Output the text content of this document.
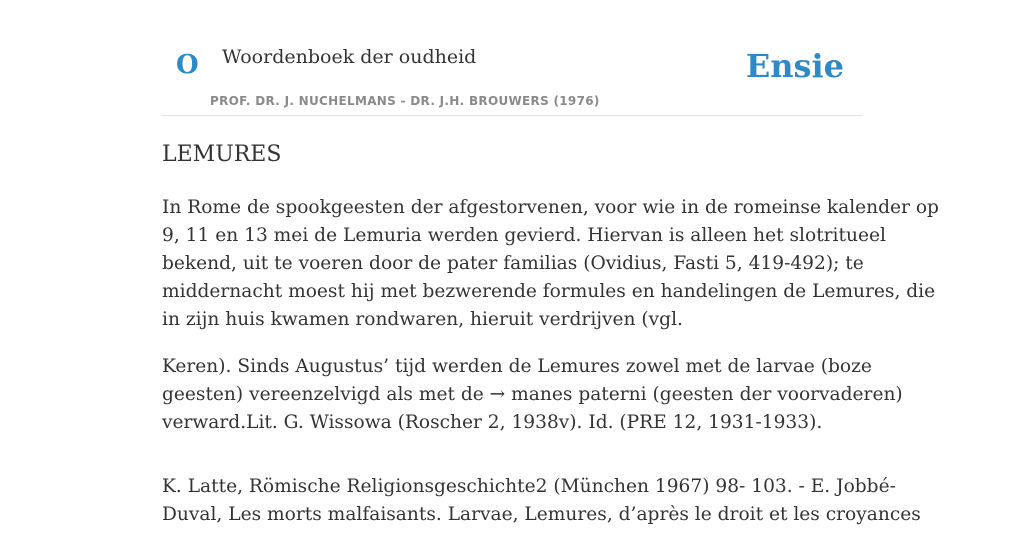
O Woordenboek der oudheid
PROF. DR. J. NUCHELMANS - DR. J.H. BROUWERS (1976)
Ensie
LEMURES

In Rome de spookgeesten der afgestorvenen, voor wie in de romeinse kalender op
9, 11 en 13 mei de Lemuria werden gevierd. Hiervan is alleen het slotritueel
bekend, uit te voeren door de pater familias (Ovidius, Fasti 5, 419-492); te
middernacht moest hij met bezwerende formules en handelingen de Lemures, die
in zijn huis kwamen rondwaren, hieruit verdrijven (vgl.

Keren). Sinds Augustus’ tijd werden de Lemures zowel met de larvae (boze
geesten) vereenzelvigd als met de → manes paterni (geesten der voorvaderen)
verward.Lit. G. Wissowa (Roscher 2, 1938v). Id. (PRE 12, 1931-1933).

K. Latte, Römische Religionsgeschichte2 (München 1967) 98- 103. - E. Jobbé-
Duval, Les morts malfaisants. Larvae, Lemures, d’après le droit et les croyances
